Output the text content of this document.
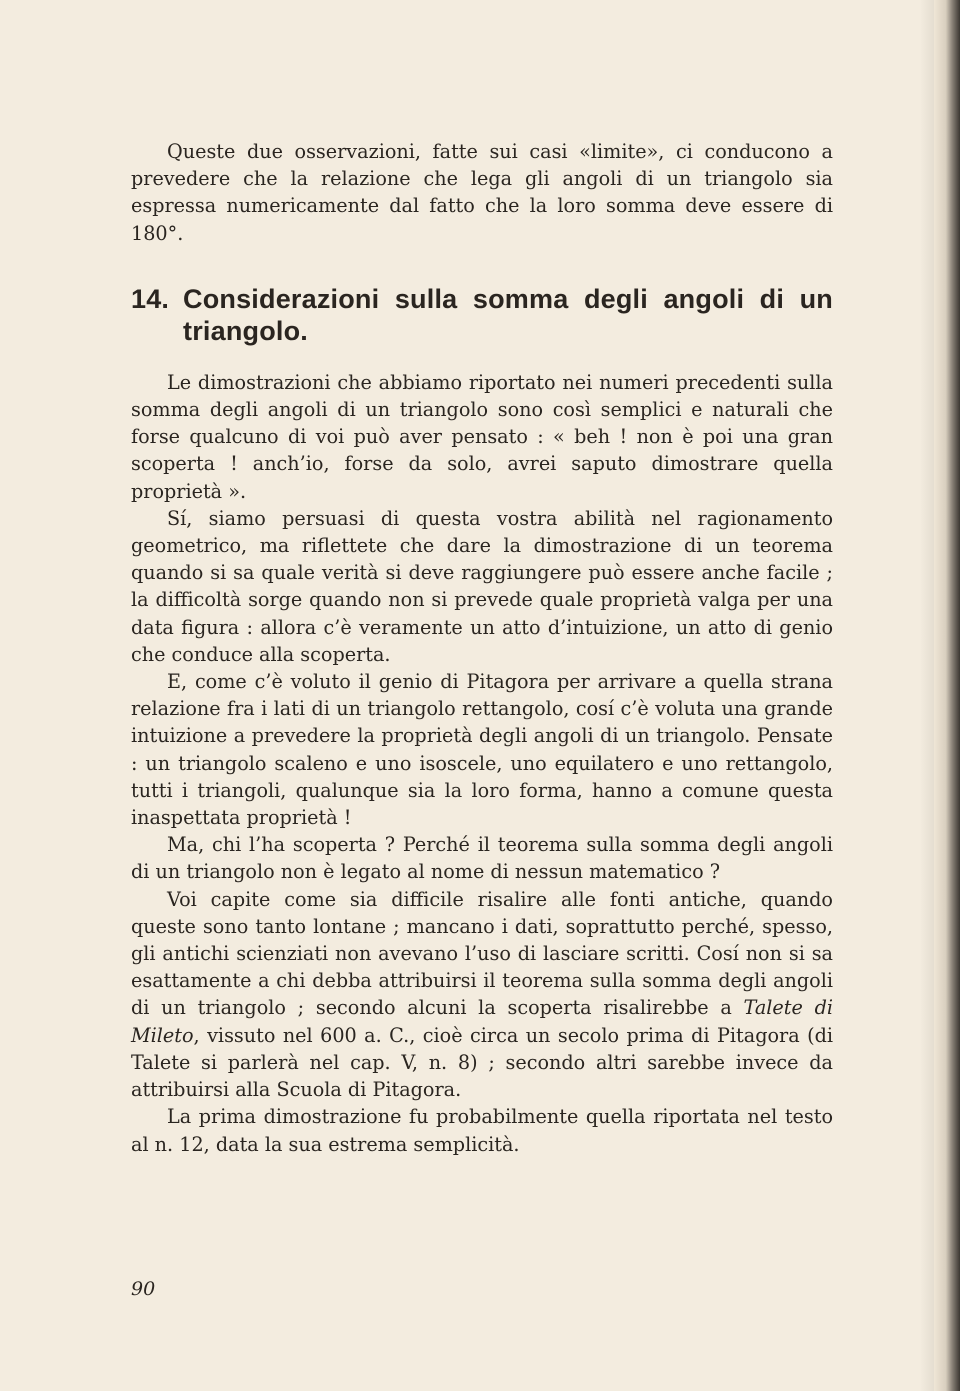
Queste due osservazioni, fatte sui casi «limite», ci conducono a prevedere che la relazione che lega gli angoli di un triangolo sia espressa numericamente dal fatto che la loro somma deve essere di 180°.

14. Considerazioni sulla somma degli angoli di un triangolo.

Le dimostrazioni che abbiamo riportato nei numeri precedenti sulla somma degli angoli di un triangolo sono così semplici e naturali che forse qualcuno di voi può aver pensato : « beh ! non è poi una gran scoperta ! anch’io, forse da solo, avrei saputo dimostrare quella proprietà ».

Sí, siamo persuasi di questa vostra abilità nel ragionamento geometrico, ma riflettete che dare la dimostrazione di un teorema quando si sa quale verità si deve raggiungere può essere anche facile ; la difficoltà sorge quando non si prevede quale proprietà valga per una data figura : allora c’è veramente un atto d’intuizione, un atto di genio che conduce alla scoperta.

E, come c’è voluto il genio di Pitagora per arrivare a quella strana relazione fra i lati di un triangolo rettangolo, cosí c’è voluta una grande intuizione a prevedere la proprietà degli angoli di un triangolo. Pensate : un triangolo scaleno e uno isoscele, uno equilatero e uno rettangolo, tutti i triangoli, qualunque sia la loro forma, hanno a comune questa inaspettata proprietà !

Ma, chi l’ha scoperta ? Perché il teorema sulla somma degli angoli di un triangolo non è legato al nome di nessun matematico ?

Voi capite come sia difficile risalire alle fonti antiche, quando queste sono tanto lontane ; mancano i dati, soprattutto perché, spesso, gli antichi scienziati non avevano l’uso di lasciare scritti. Cosí non si sa esattamente a chi debba attribuirsi il teorema sulla somma degli angoli di un triangolo ; secondo alcuni la scoperta risalirebbe a Talete di Mileto, vissuto nel 600 a. C., cioè circa un secolo prima di Pitagora (di Talete si parlerà nel cap. V, n. 8) ; secondo altri sarebbe invece da attribuirsi alla Scuola di Pitagora.

La prima dimostrazione fu probabilmente quella riportata nel testo al n. 12, data la sua estrema semplicità.

90
